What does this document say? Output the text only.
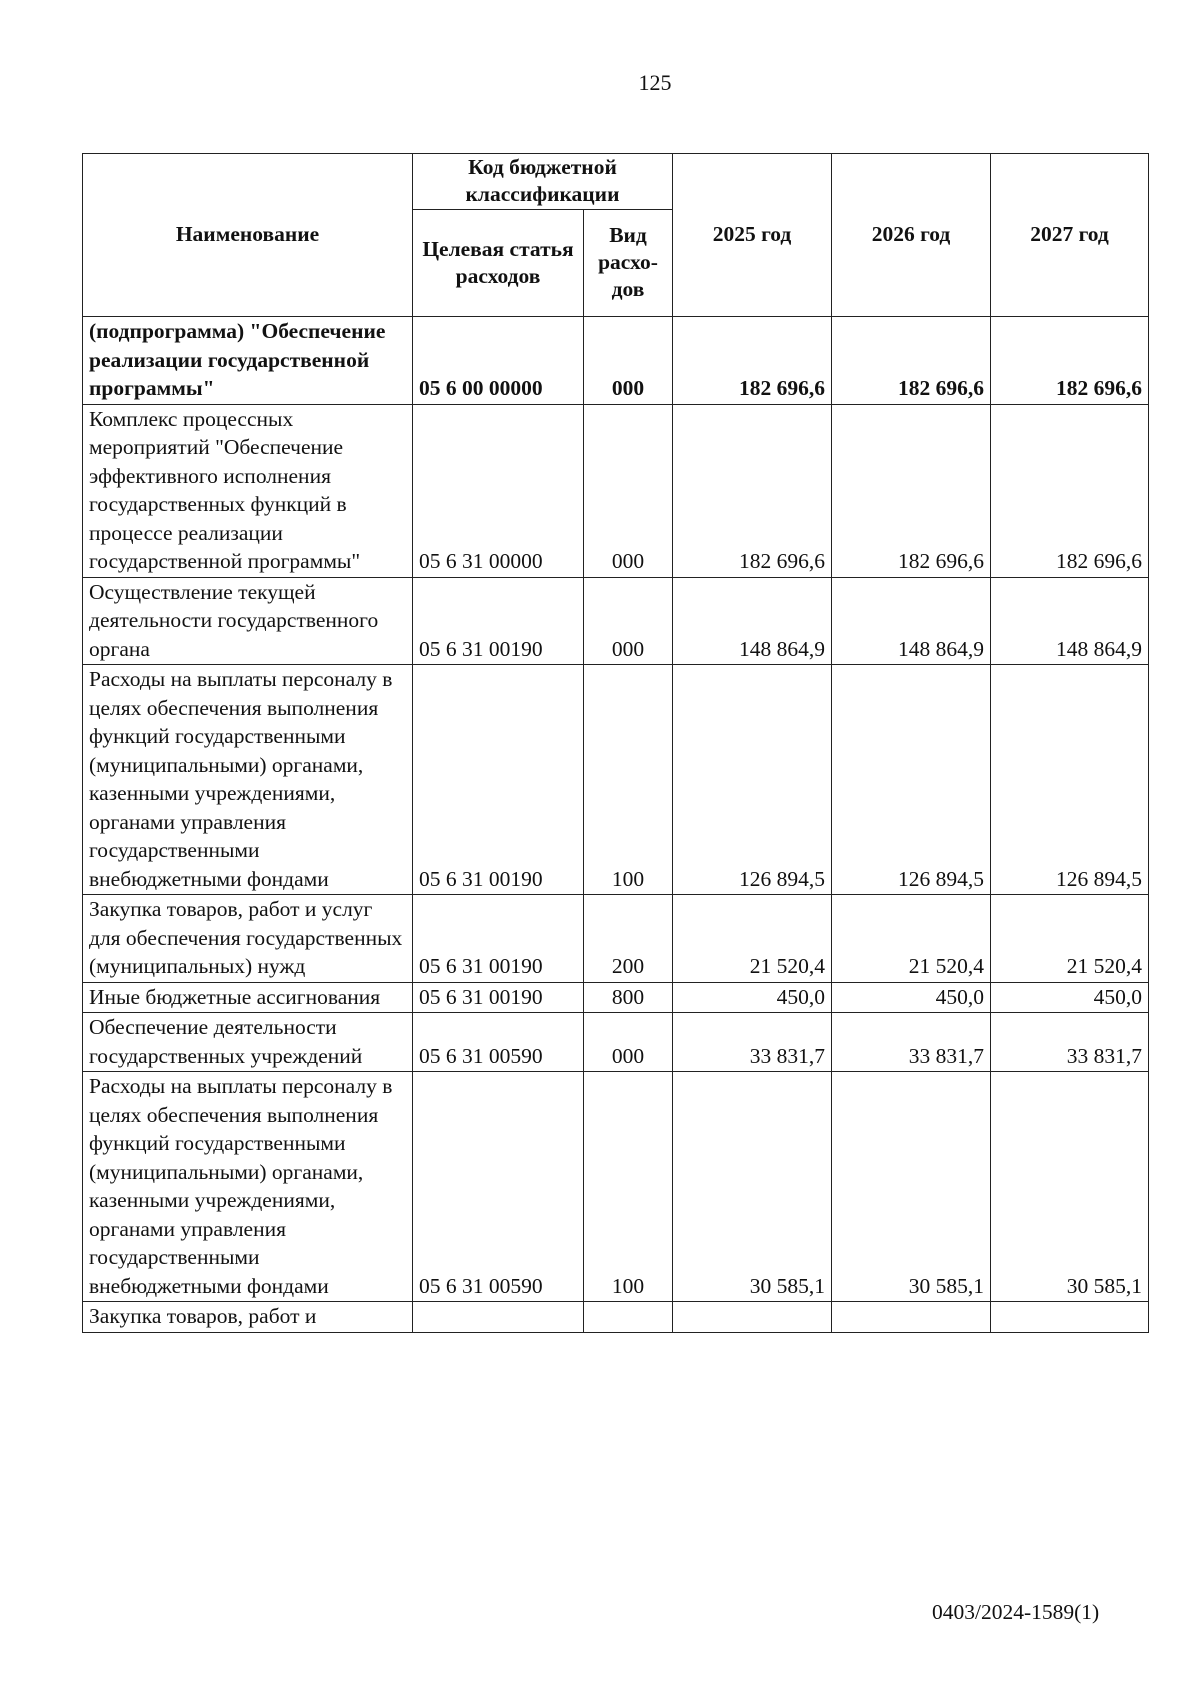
125
Наименование	Код бюджетной классификации		2025 год	2026 год	2027 год
	Целевая статья расходов	Вид расхо-дов			
(подпрограмма) "Обеспечение реализации государственной программы"	05 6 00 00000	000	182 696,6	182 696,6	182 696,6
Комплекс процессных мероприятий "Обеспечение эффективного исполнения государственных функций в процессе реализации государственной программы"	05 6 31 00000	000	182 696,6	182 696,6	182 696,6
Осуществление текущей деятельности государственного органа	05 6 31 00190	000	148 864,9	148 864,9	148 864,9
Расходы на выплаты персоналу в целях обеспечения выполнения функций государственными (муниципальными) органами, казенными учреждениями, органами управления государственными внебюджетными фондами	05 6 31 00190	100	126 894,5	126 894,5	126 894,5
Закупка товаров, работ и услуг для обеспечения государственных (муниципальных) нужд	05 6 31 00190	200	21 520,4	21 520,4	21 520,4
Иные бюджетные ассигнования	05 6 31 00190	800	450,0	450,0	450,0
Обеспечение деятельности государственных учреждений	05 6 31 00590	000	33 831,7	33 831,7	33 831,7
Расходы на выплаты персоналу в целях обеспечения выполнения функций государственными (муниципальными) органами, казенными учреждениями, органами управления государственными внебюджетными фондами	05 6 31 00590	100	30 585,1	30 585,1	30 585,1
Закупка товаров, работ и					
0403/2024-1589(1)
